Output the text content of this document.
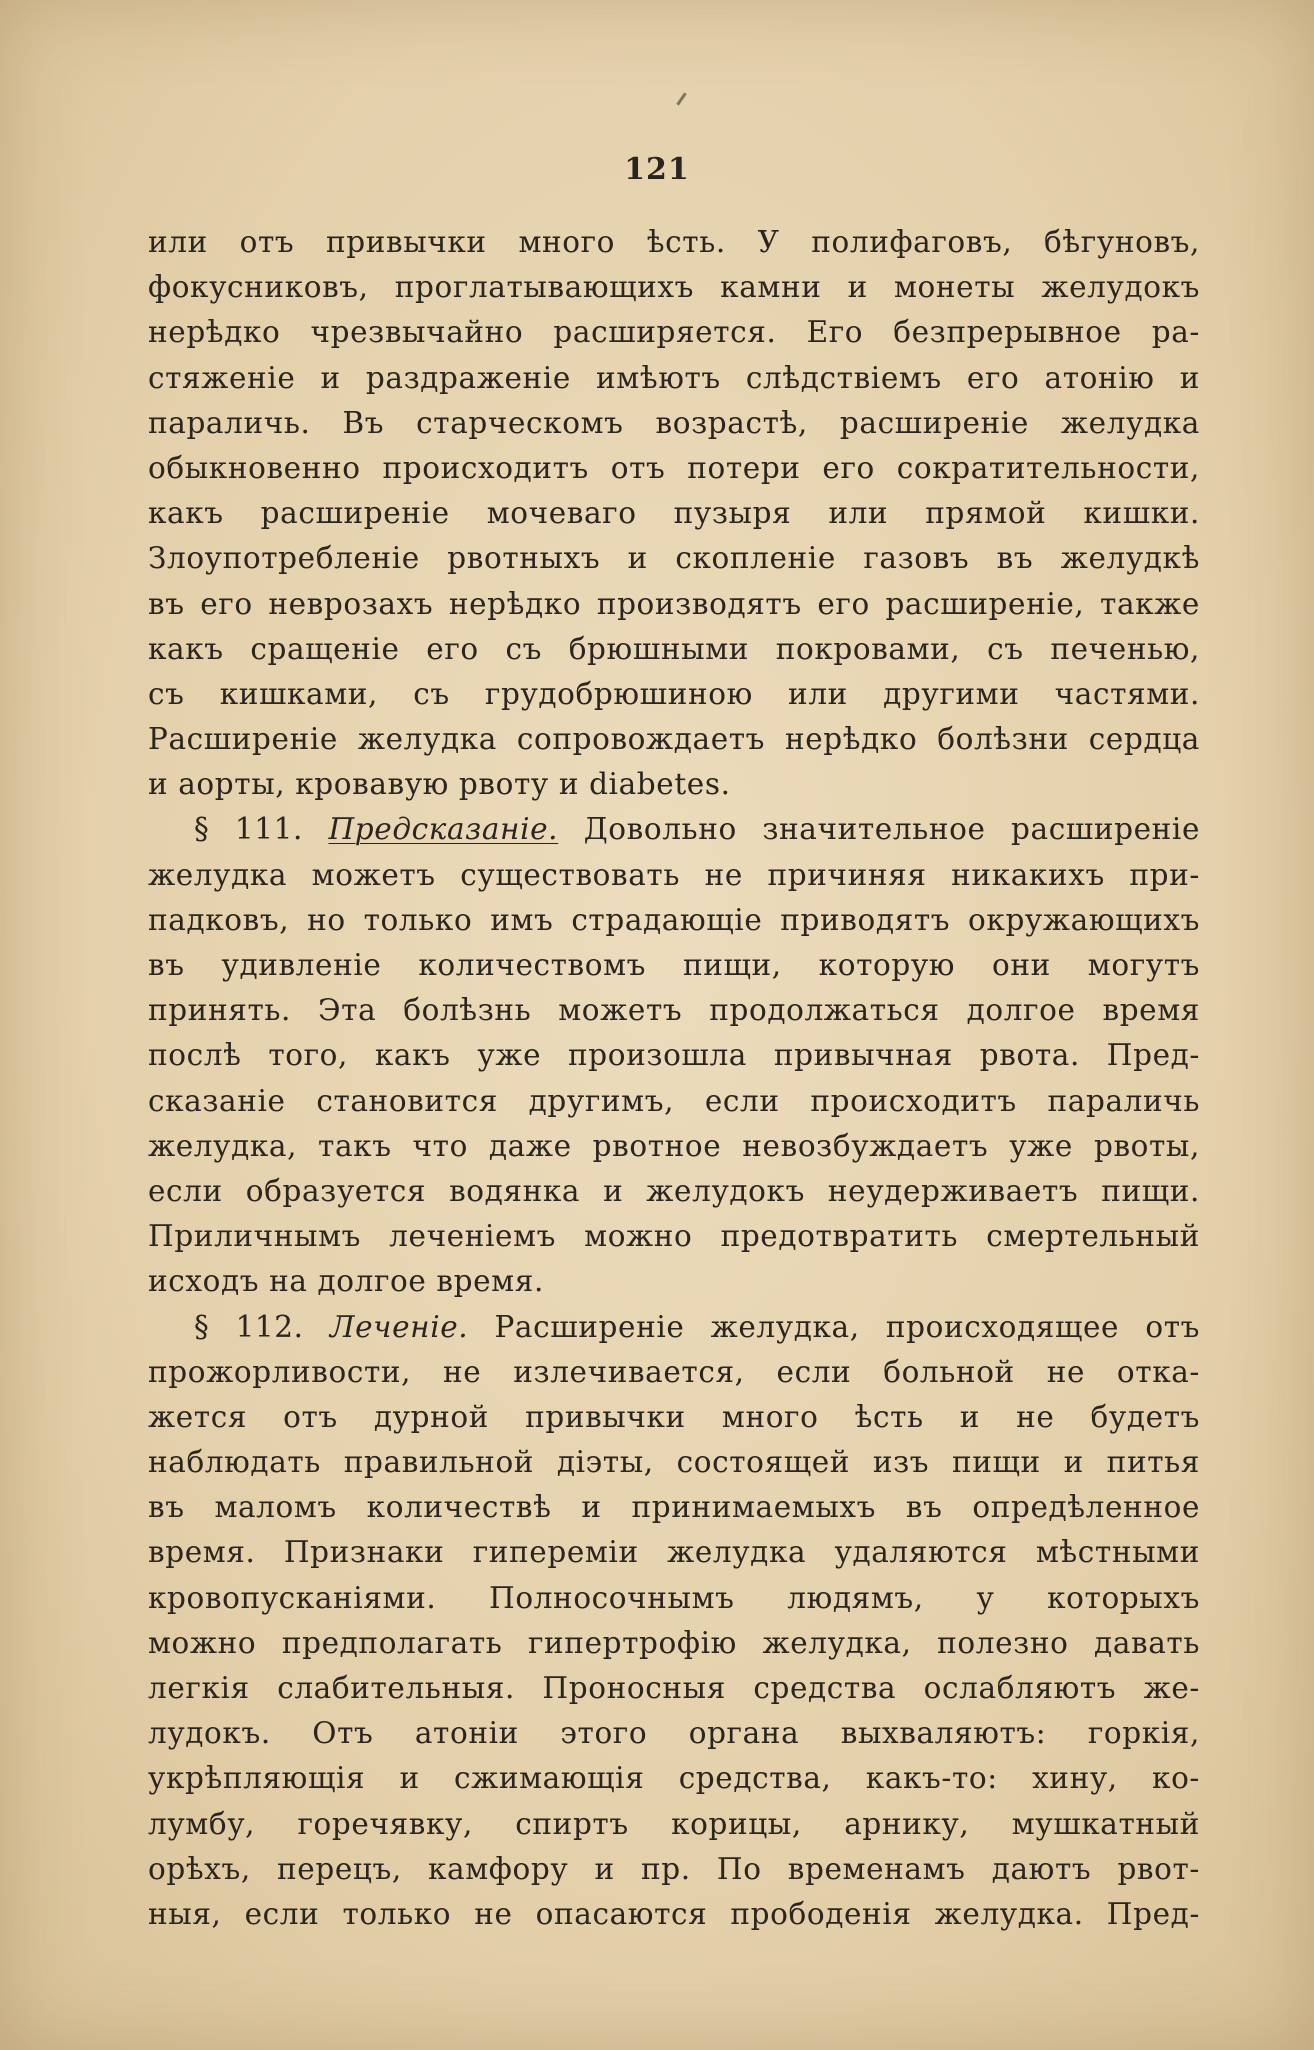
121
или отъ привычки много ѣсть. У полифаговъ, бѣгуновъ,
фокусниковъ, проглатывающихъ камни и монеты желудокъ
нерѣдко чрезвычайно расширяется. Его безпрерывное ра-
стяженіе и раздраженіе имѣютъ слѣдствіемъ его атонію и
параличь. Въ старческомъ возрастѣ, расширеніе желудка
обыкновенно происходитъ отъ потери его сократительности,
какъ расширеніе мочеваго пузыря или прямой кишки.
Злоупотребленіе рвотныхъ и скопленіе газовъ въ желудкѣ
въ его неврозахъ нерѣдко производятъ его расширеніе, также
какъ сращеніе его съ брюшными покровами, съ печенью,
съ кишками, съ грудобрюшиною или другими частями.
Расширеніе желудка сопровождаетъ нерѣдко болѣзни сердца
и аорты, кровавую рвоту и diabetes.
§ 111. Предсказаніе. Довольно значительное расширеніе
желудка можетъ существовать не причиняя никакихъ при-
падковъ, но только имъ страдающіе приводятъ окружающихъ
въ удивленіе количествомъ пищи, которую они могутъ
принять. Эта болѣзнь можетъ продолжаться долгое время
послѣ того, какъ уже произошла привычная рвота. Пред-
сказаніе становится другимъ, если происходитъ параличь
желудка, такъ что даже рвотное невозбуждаетъ уже рвоты,
если образуется водянка и желудокъ неудерживаетъ пищи.
Приличнымъ леченіемъ можно предотвратить смертельный
исходъ на долгое время.
§ 112. Леченіе. Расширеніе желудка, происходящее отъ
прожорливости, не излечивается, если больной не отка-
жется отъ дурной привычки много ѣсть и не будетъ
наблюдать правильной діэты, состоящей изъ пищи и питья
въ маломъ количествѣ и принимаемыхъ въ опредѣленное
время. Признаки гипереміи желудка удаляются мѣстными
кровопусканіями. Полносочнымъ людямъ, у которыхъ
можно предполагать гипертрофію желудка, полезно давать
легкія слабительныя. Проносныя средства ослабляютъ же-
лудокъ. Отъ атоніи этого органа выхваляютъ: горкія,
укрѣпляющія и сжимающія средства, какъ-то: хину, ко-
лумбу, горечявку, спиртъ корицы, арнику, мушкатный
орѣхъ, перецъ, камфору и пр. По временамъ даютъ рвот-
ныя, если только не опасаются прободенія желудка. Пред-
